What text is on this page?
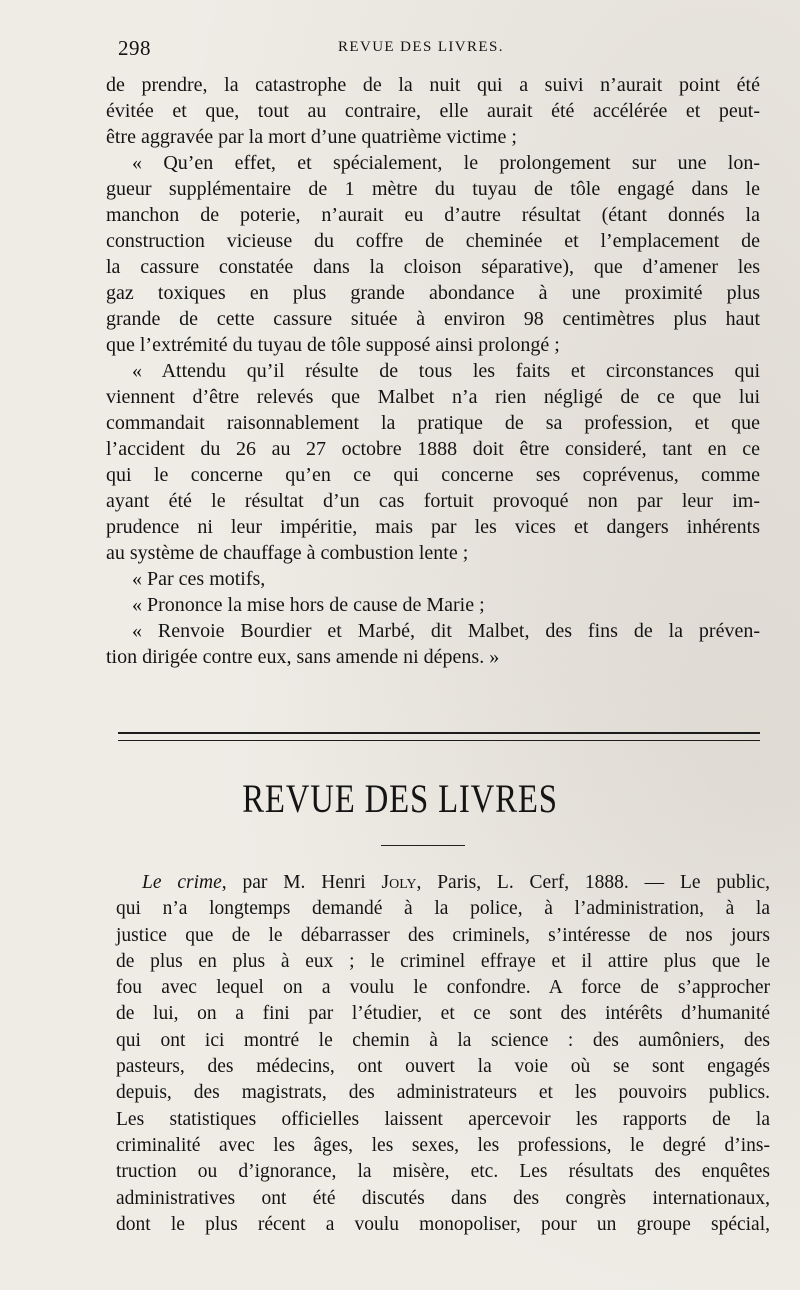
298	REVUE DES LIVRES.
de prendre, la catastrophe de la nuit qui a suivi n’aurait point été
évitée et que, tout au contraire, elle aurait été accélérée et peut-
être aggravée par la mort d’une quatrième victime ;
« Qu’en effet, et spécialement, le prolongement sur une lon-
gueur supplémentaire de 1 mètre du tuyau de tôle engagé dans le
manchon de poterie, n’aurait eu d’autre résultat (étant donnés la
construction vicieuse du coffre de cheminée et l’emplacement de
la cassure constatée dans la cloison séparative), que d’amener les
gaz toxiques en plus grande abondance à une proximité plus
grande de cette cassure située à environ 98 centimètres plus haut
que l’extrémité du tuyau de tôle supposé ainsi prolongé ;
« Attendu qu’il résulte de tous les faits et circonstances qui
viennent d’être relevés que Malbet n’a rien négligé de ce que lui
commandait raisonnablement la pratique de sa profession, et que
l’accident du 26 au 27 octobre 1888 doit être consideré, tant en ce
qui le concerne qu’en ce qui concerne ses coprévenus, comme
ayant été le résultat d’un cas fortuit provoqué non par leur im-
prudence ni leur impéritie, mais par les vices et dangers inhérents
au système de chauffage à combustion lente ;
« Par ces motifs,
« Prononce la mise hors de cause de Marie ;
« Renvoie Bourdier et Marbé, dit Malbet, des fins de la préven-
tion dirigée contre eux, sans amende ni dépens. »
REVUE DES LIVRES
Le crime, par M. Henri Joly, Paris, L. Cerf, 1888. — Le public,
qui n’a longtemps demandé à la police, à l’administration, à la
justice que de le débarrasser des criminels, s’intéresse de nos jours
de plus en plus à eux ; le criminel effraye et il attire plus que le
fou avec lequel on a voulu le confondre. A force de s’approcher
de lui, on a fini par l’étudier, et ce sont des intérêts d’humanité
qui ont ici montré le chemin à la science : des aumôniers, des
pasteurs, des médecins, ont ouvert la voie où se sont engagés
depuis, des magistrats, des administrateurs et les pouvoirs publics.
Les statistiques officielles laissent apercevoir les rapports de la
criminalité avec les âges, les sexes, les professions, le degré d’ins-
truction ou d’ignorance, la misère, etc. Les résultats des enquêtes
administratives ont été discutés dans des congrès internationaux,
dont le plus récent a voulu monopoliser, pour un groupe spécial,
